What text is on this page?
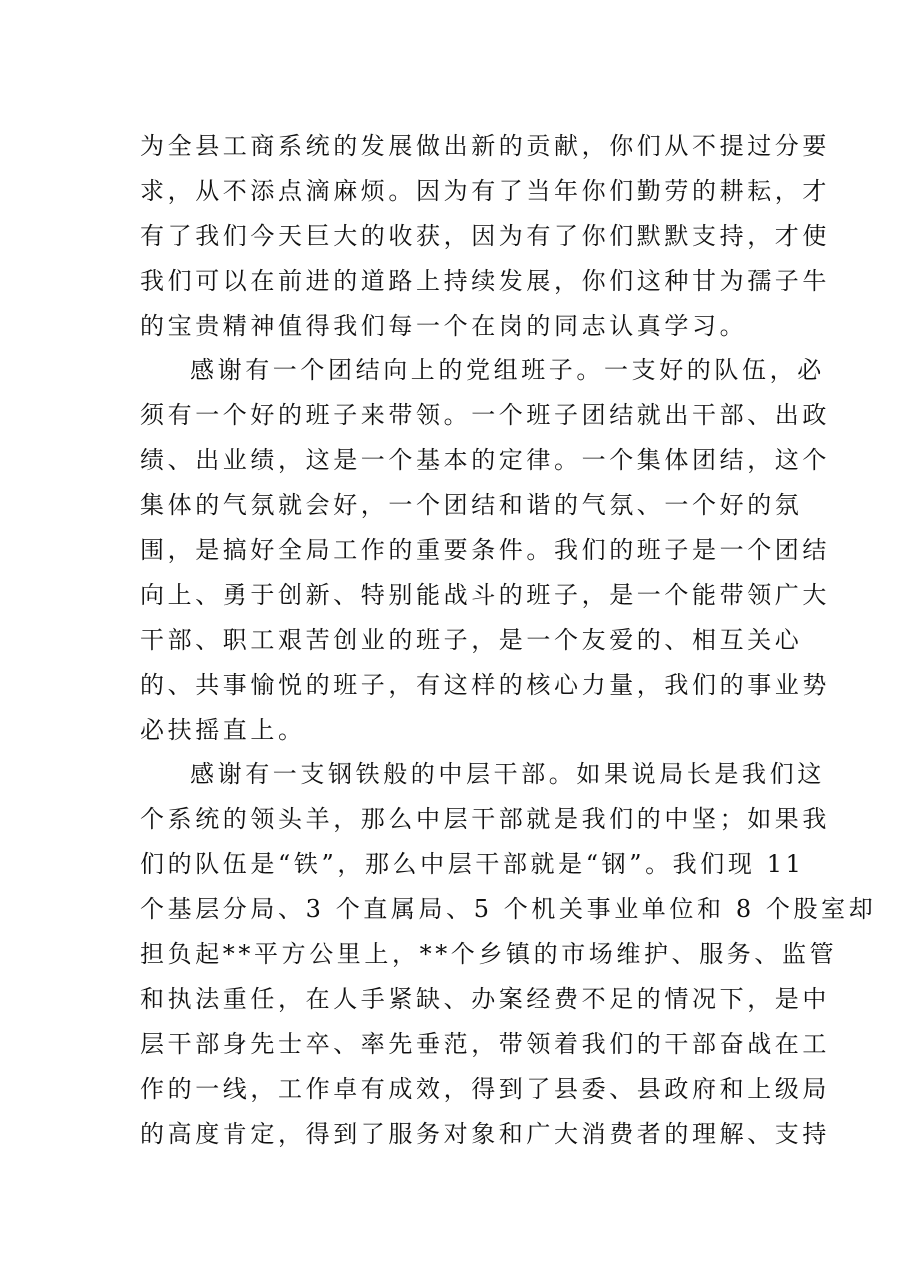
为全县工商系统的发展做出新的贡献，你们从不提过分要
求，从不添点滴麻烦。因为有了当年你们勤劳的耕耘，才
有了我们今天巨大的收获，因为有了你们默默支持，才使
我们可以在前进的道路上持续发展，你们这种甘为孺子牛
的宝贵精神值得我们每一个在岗的同志认真学习。
感谢有一个团结向上的党组班子。一支好的队伍，必
须有一个好的班子来带领。一个班子团结就出干部、出政
绩、出业绩，这是一个基本的定律。一个集体团结，这个
集体的气氛就会好，一个团结和谐的气氛、一个好的氛
围，是搞好全局工作的重要条件。我们的班子是一个团结
向上、勇于创新、特别能战斗的班子，是一个能带领广大
干部、职工艰苦创业的班子，是一个友爱的、相互关心
的、共事愉悦的班子，有这样的核心力量，我们的事业势
必扶摇直上。
感谢有一支钢铁般的中层干部。如果说局长是我们这
个系统的领头羊，那么中层干部就是我们的中坚；如果我
们的队伍是“铁”，那么中层干部就是“钢”。我们现 11
个基层分局、3 个直属局、5 个机关事业单位和 8 个股室却
担负起**平方公里上，**个乡镇的市场维护、服务、监管
和执法重任，在人手紧缺、办案经费不足的情况下，是中
层干部身先士卒、率先垂范，带领着我们的干部奋战在工
作的一线，工作卓有成效，得到了县委、县政府和上级局
的高度肯定，得到了服务对象和广大消费者的理解、支持
